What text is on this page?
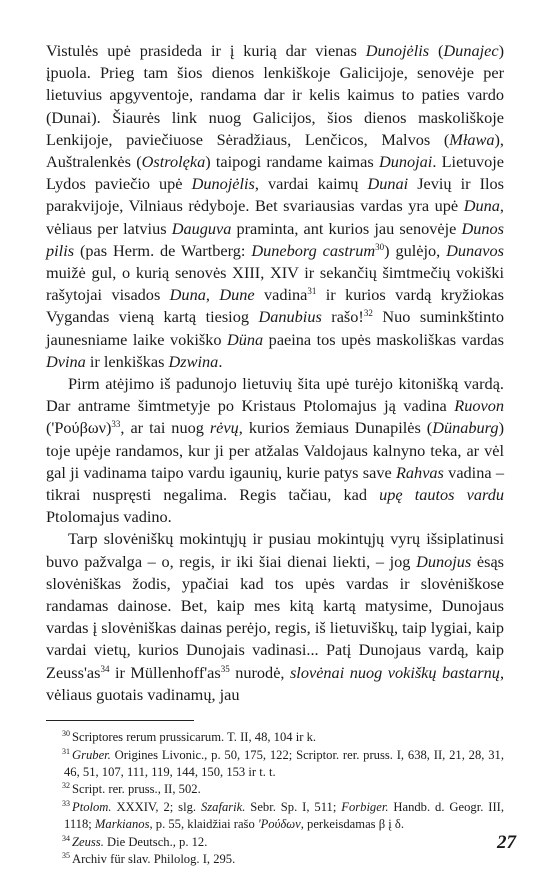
Vistulės upė prasideda ir į kurią dar vienas Dunojėlis (Dunajec) įpuola. Prieg tam šios dienos lenkiškoje Galicijoje, senovėje per lietuvius apgyventoje, randama dar ir kelis kaimus to paties vardo (Dunai). Šiaurės link nuog Galicijos, šios dienos maskoliškoje Lenkijoje, paviečiuose Sėradžiaus, Lenčicos, Malvos (Mława), Auštralenkės (Ostrolęka) taipogi randame kaimas Dunojai. Lietuvoje Lydos paviečio upė Dunojėlis, vardai kaimų Dunai Jevių ir Ilos parakvijoje, Vilniaus rėdyboje. Bet svariausias vardas yra upė Duna, vėliaus per latvius Dauguva praminta, ant kurios jau senovėje Dunos pilis (pas Herm. de Wartberg: Duneborg castrum$^{30}$) gulėjo, Dunavos muižė gul, o kurią senovės XIII, XIV ir sekančių šimtmečių vokiški rašytojai visados Duna, Dune vadina$^{31}$ ir kurios vardą kryžiokas Vygandas vieną kartą tiesiog Danubius rašo!$^{32}$ Nuo suminkštinto jaunesniame laike vokiško Düna paeina tos upės maskoliškas vardas Dvina ir lenkiškas Dzwina.

Pirm atėjimo iš padunojo lietuvių šita upė turėjo kitonišką vardą. Dar antrame šimtmetyje po Kristaus Ptolomajus ją vadina Ruovon $('Poύ\beta\omega\nu)^{33}$, ar tai nuog rėvų, kurios žemiaus Dunapilės (Dünaburg) toje upėje randamos, kur ji per atžalas Valdojaus kalnyno teka, ar vėl gal ji vadinama taipo vardu igaunių, kurie patys save Rahvas vadina – tikrai nuspręsti negalima. Regis tačiau, kad upę tautos vardu Ptolomajus vadino.

Tarp slovėniškų mokintųjų ir pusiau mokintųjų vyrų išsiplatinusi buvo pažvalga – o, regis, ir iki šiai dienai liekti, – jog Dunojus ėsąs slovėniškas žodis, ypačiai kad tos upės vardas ir slovėniškose randamas dainose. Bet, kaip mes kitą kartą matysime, Dunojaus vardas į slovėniškas dainas perėjo, regis, iš lietuviškų, taip lygiai, kaip vardai vietų, kurios Dunojais vadinasi... Patį Dunojaus vardą, kaip $Zeuss'as^{34}$ ir $Müllenhoff'as^{35}$ nurodė, slovėnai nuog vokiškų bastarnų, vėliaus guotais vadinamų, jau

$^{30}$ Scriptores rerum prussicarum. T. II, 48, 104 ir k.
$^{31}$ Gruber. Origines Livonic., p. 50, 175, 122; Scriptor. rer. pruss. I, 638, II, 21, 28, 31, 46, 51, 107, 111, 119, 144, 150, 153 ir t. t.
$^{32}$ Script. rer. pruss., II, 502.
$^{33}$ Ptolom. XXXIV, 2; slg. Szafarik. Sebr. Sp. I, 511; Forbiger. Handb. d. Geogr. III, 1118; Markianos, p. 55, klaidžiai rašo 'Ρούδων, perkeisdamas β į δ.
$^{34}$ Zeuss. Die Deutsch., p. 12.
$^{35}$ Archiv für slav. Philolog. I, 295.
27
